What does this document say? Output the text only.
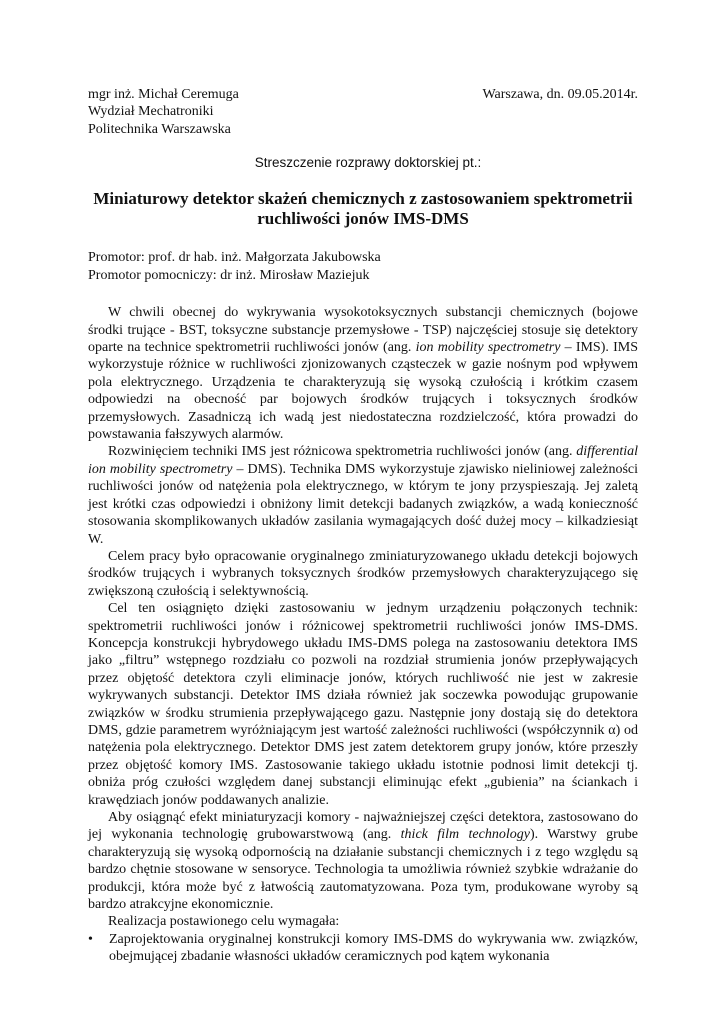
mgr inż. Michał Ceremuga
Wydział Mechatroniki
Politechnika Warszawska
Warszawa, dn. 09.05.2014r.
Streszczenie rozprawy doktorskiej pt.:
Miniaturowy detektor skażeń chemicznych z zastosowaniem spektrometrii
ruchliwości jonów IMS-DMS
Promotor: prof. dr hab. inż. Małgorzata Jakubowska
Promotor pomocniczy: dr inż. Mirosław Maziejuk

W chwili obecnej do wykrywania wysokotoksycznych substancji chemicznych (bojowe środki trujące - BST, toksyczne substancje przemysłowe - TSP) najczęściej stosuje się detektory oparte na technice spektrometrii ruchliwości jonów (ang. ion mobility spectrometry – IMS). IMS wykorzystuje różnice w ruchliwości zjonizowanych cząsteczek w gazie nośnym pod wpływem pola elektrycznego. Urządzenia te charakteryzują się wysoką czułością i krótkim czasem odpowiedzi na obecność par bojowych środków trujących i toksycznych środków przemysłowych. Zasadniczą ich wadą jest niedostateczna rozdzielczość, która prowadzi do powstawania fałszywych alarmów.

Rozwinięciem techniki IMS jest różnicowa spektrometria ruchliwości jonów (ang. differential ion mobility spectrometry – DMS). Technika DMS wykorzystuje zjawisko nieliniowej zależności ruchliwości jonów od natężenia pola elektrycznego, w którym te jony przyspieszają. Jej zaletą jest krótki czas odpowiedzi i obniżony limit detekcji badanych związków, a wadą konieczność stosowania skomplikowanych układów zasilania wymagających dość dużej mocy – kilkadziesiąt W.

Celem pracy było opracowanie oryginalnego zminiaturyzowanego układu detekcji bojowych środków trujących i wybranych toksycznych środków przemysłowych charakteryzującego się zwiększoną czułością i selektywnością.

Cel ten osiągnięto dzięki zastosowaniu w jednym urządzeniu połączonych technik: spektrometrii ruchliwości jonów i różnicowej spektrometrii ruchliwości jonów IMS-DMS. Koncepcja konstrukcji hybrydowego układu IMS-DMS polega na zastosowaniu detektora IMS jako „filtru” wstępnego rozdziału co pozwoli na rozdział strumienia jonów przepływających przez objętość detektora czyli eliminacje jonów, których ruchliwość nie jest w zakresie wykrywanych substancji. Detektor IMS działa również jak soczewka powodując grupowanie związków w środku strumienia przepływającego gazu. Następnie jony dostają się do detektora DMS, gdzie parametrem wyróżniającym jest wartość zależności ruchliwości (współczynnik α) od natężenia pola elektrycznego. Detektor DMS jest zatem detektorem grupy jonów, które przeszły przez objętość komory IMS. Zastosowanie takiego układu istotnie podnosi limit detekcji tj. obniża próg czułości względem danej substancji eliminując efekt „gubienia” na ściankach i krawędziach jonów poddawanych analizie.

Aby osiągnąć efekt miniaturyzacji komory - najważniejszej części detektora, zastosowano do jej wykonania technologię grubowarstwową (ang. thick film technology). Warstwy grube charakteryzują się wysoką odpornością na działanie substancji chemicznych i z tego względu są bardzo chętnie stosowane w sensoryce. Technologia ta umożliwia również szybkie wdrażanie do produkcji, która może być z łatwością zautomatyzowana. Poza tym, produkowane wyroby są bardzo atrakcyjne ekonomicznie.

Realizacja postawionego celu wymagała:

• Zaprojektowania oryginalnej konstrukcji komory IMS-DMS do wykrywania ww. związków, obejmującej zbadanie własności układów ceramicznych pod kątem wykonania
